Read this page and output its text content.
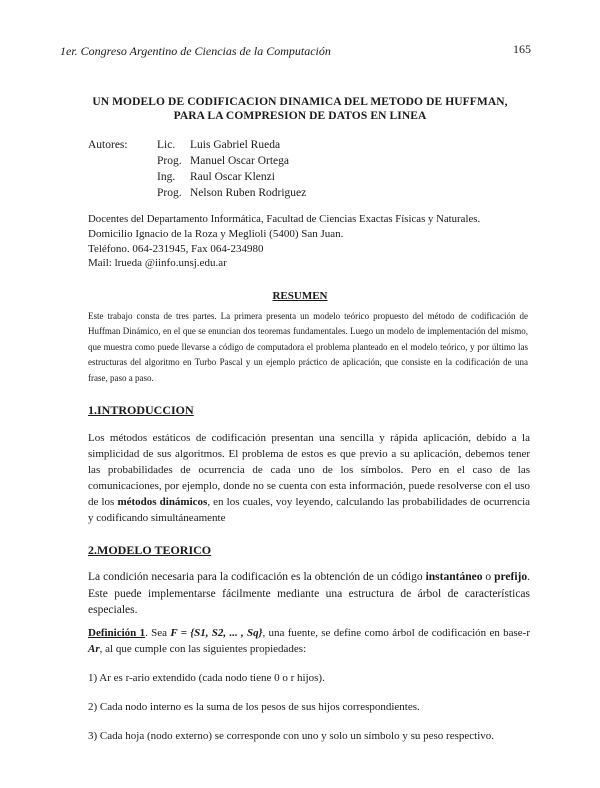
1er. Congreso Argentino de Ciencias de la Computación	165
UN MODELO DE CODIFICACION DINAMICA DEL METODO DE HUFFMAN,
PARA LA COMPRESION DE DATOS EN LINEA
Autores:	Lic. Luis Gabriel Rueda
Prog. Manuel Oscar Ortega
Ing. Raul Oscar Klenzi
Prog. Nelson Ruben Rodriguez
Docentes del Departamento Informática, Facultad de Ciencias Exactas Físicas y Naturales.
Domicilio Ignacio de la Roza y Meglioli (5400) San Juan.
Teléfono. 064-231945, Fax 064-234980
Mail: lrueda @iinfo.unsj.edu.ar
RESUMEN
Este trabajo consta de tres partes. La primera presenta un modelo teórico propuesto del método de codificación de Huffman Dinámico, en el que se enuncian dos teoremas fundamentales. Luego un modelo de implementación del mismo, que muestra como puede llevarse a código de computadora el problema planteado en el modelo teórico, y por último las estructuras del algoritmo en Turbo Pascal y un ejemplo práctico de aplicación, que consiste en la codificación de una frase, paso a paso.
1.INTRODUCCION
Los métodos estáticos de codificación presentan una sencilla y rápida aplicación, debido a la simplicidad de sus algoritmos. El problema de estos es que previo a su aplicación, debemos tener las probabilidades de ocurrencia de cada uno de los símbolos. Pero en el caso de las comunicaciones, por ejemplo, donde no se cuenta con esta información, puede resolverse con el uso de los métodos dinámicos, en los cuales, voy leyendo, calculando las probabilidades de ocurrencia y codificando simultáneamente
2.MODELO TEORICO
La condición necesaria para la codificación es la obtención de un código instantáneo o prefijo. Este puede implementarse fácilmente mediante una estructura de árbol de características especiales.
Definición 1. Sea F = {S1, S2, ... , Sq}, una fuente, se define como árbol de codificación en base-r Ar, al que cumple con las siguientes propiedades:
1) Ar es r-ario extendido (cada nodo tiene 0 o r hijos).
2) Cada nodo interno es la suma de los pesos de sus hijos correspondientes.
3) Cada hoja (nodo externo) se corresponde con uno y solo un símbolo y su peso respectivo.
